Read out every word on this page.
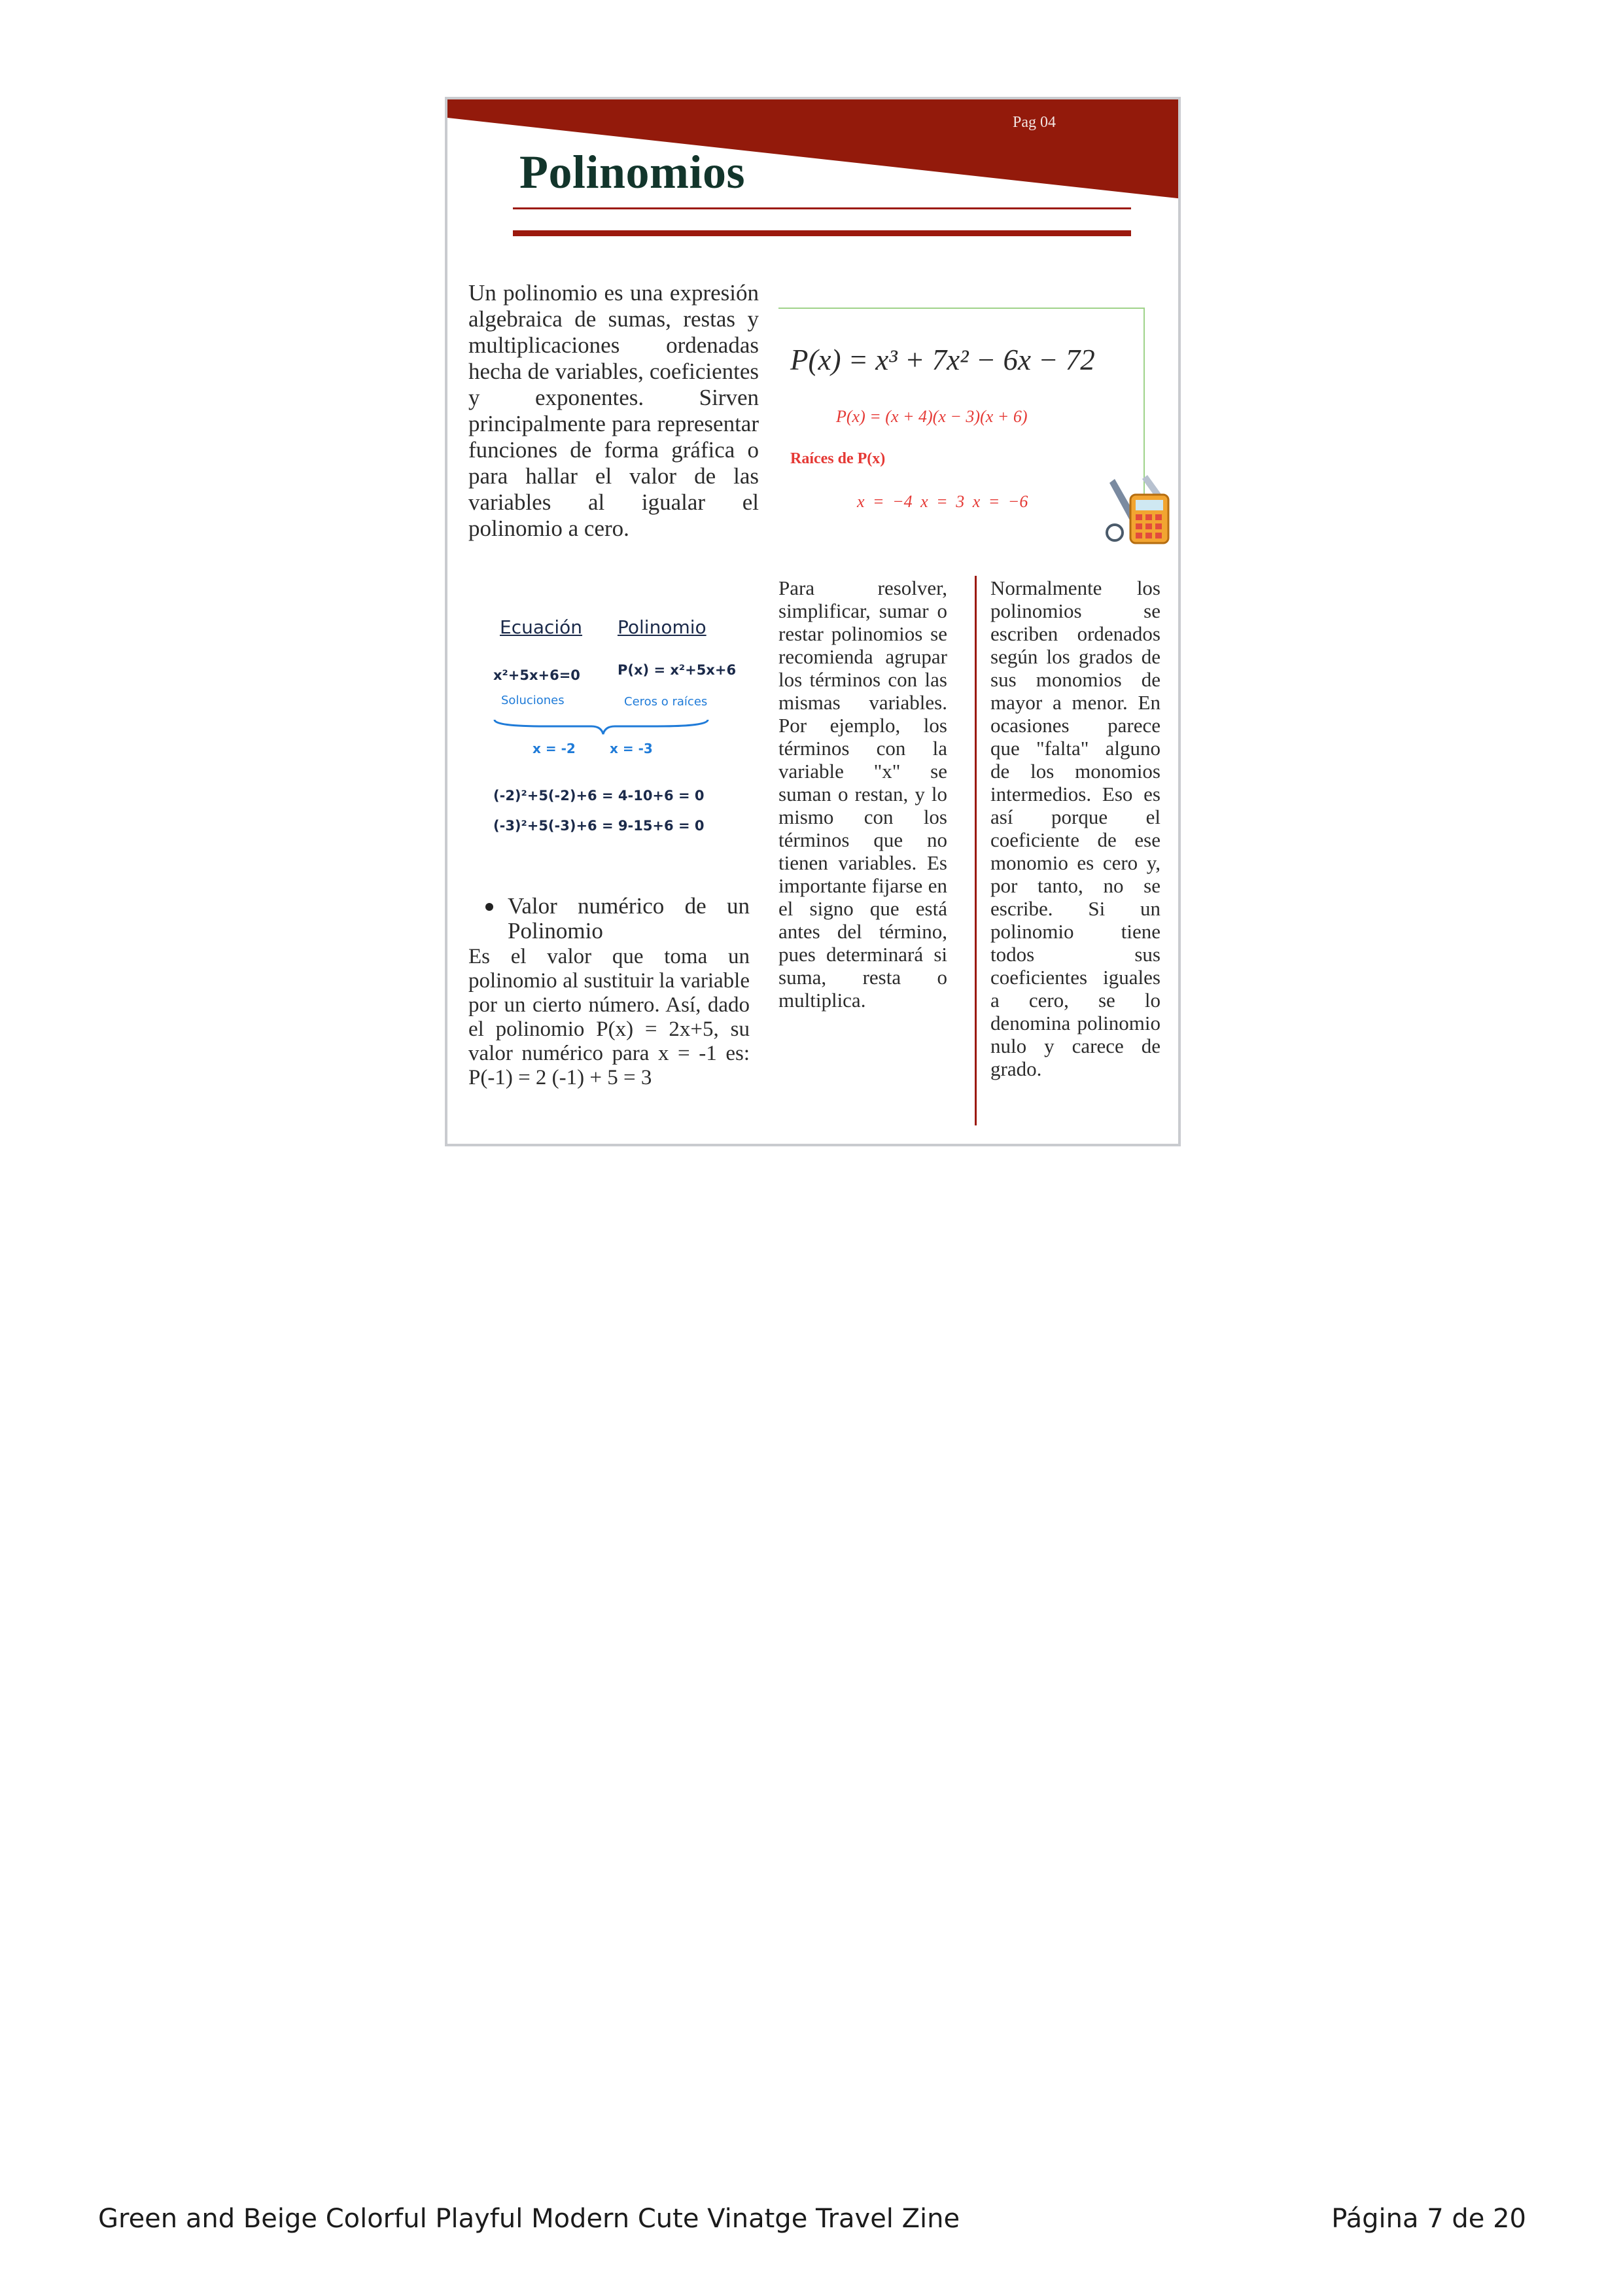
Pag 04
Polinomios
Un polinomio es una expresión algebraica de sumas, restas y multiplicaciones ordenadas hecha de variables, coeficientes y exponentes. Sirven principalmente para representar funciones de forma gráfica o para hallar el valor de las variables al igualar el polinomio a cero.
P(x) = x³ + 7x² − 6x − 72
P(x) = (x + 4)(x − 3)(x + 6)
Raíces de P(x)
x = −4 x = 3 x = −6
Ecuación Polinomio
x²+5x+6=0	P(x) = x²+5x+6
Soluciones	Ceros o raíces
x = -2	x = -3
(-2)²+5(-2)+6 = 4-10+6 = 0
(-3)²+5(-3)+6 = 9-15+6 = 0
Valor numérico de un Polinomio
Es el valor que toma un polinomio al sustituir la variable por un cierto número. Así, dado el polinomio P(x) = 2x+5, su valor numérico para x = -1 es: P(-1) = 2 (-1) + 5 = 3
Para resolver, simplificar, sumar o restar polinomios se recomienda agrupar los términos con las mismas variables. Por ejemplo, los términos con la variable "x" se suman o restan, y lo mismo con los términos que no tienen variables. Es importante fijarse en el signo que está antes del término, pues determinará si suma, resta o multiplica.
Normalmente los polinomios se escriben ordenados según los grados de sus monomios de mayor a menor. En ocasiones parece que "falta" alguno de los monomios intermedios. Eso es así porque el coeficiente de ese monomio es cero y, por tanto, no se escribe. Si un polinomio tiene todos sus coeficientes iguales a cero, se lo denomina polinomio nulo y carece de grado.
Green and Beige Colorful Playful Modern Cute Vinatge Travel Zine	Página 7 de 20
